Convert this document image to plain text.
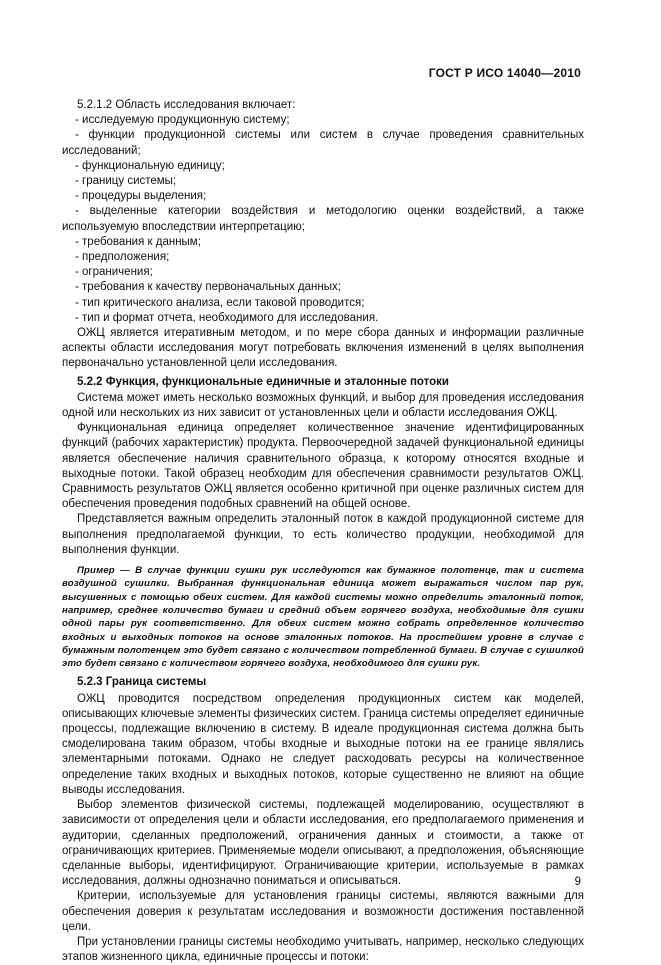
ГОСТ Р ИСО 14040—2010

5.2.1.2 Область исследования включает:

- исследуемую продукционную систему;

- функции продукционной системы или систем в случае проведения сравнительных исследований;

- функциональную единицу;

- границу системы;

- процедуры выделения;

- выделенные категории воздействия и методологию оценки воздействий, а также используемую впоследствии интерпретацию;

- требования к данным;

- предположения;

- ограничения;

- требования к качеству первоначальных данных;

- тип критического анализа, если таковой проводится;

- тип и формат отчета, необходимого для исследования.

ОЖЦ является итеративным методом, и по мере сбора данных и информации различные аспекты области исследования могут потребовать включения изменений в целях выполнения первоначально установленной цели исследования.

5.2.2 Функция, функциональные единичные и эталонные потоки

Система может иметь несколько возможных функций, и выбор для проведения исследования одной или нескольких из них зависит от установленных цели и области исследования ОЖЦ.

Функциональная единица определяет количественное значение идентифицированных функций (рабочих характеристик) продукта. Первоочередной задачей функциональной единицы является обеспечение наличия сравнительного образца, к которому относятся входные и выходные потоки. Такой образец необходим для обеспечения сравнимости результатов ОЖЦ. Сравнимость результатов ОЖЦ является особенно критичной при оценке различных систем для обеспечения проведения подобных сравнений на общей основе.

Представляется важным определить эталонный поток в каждой продукционной системе для выполнения предполагаемой функции, то есть количество продукции, необходимой для выполнения функции.

Пример — В случае функции сушки рук исследуются как бумажное полотенце, так и система воздушной сушилки. Выбранная функциональная единица может выражаться числом пар рук, высушенных с помощью обеих систем. Для каждой системы можно определить эталонный поток, например, среднее количество бумаги и средний объем горячего воздуха, необходимые для сушки одной пары рук соответственно. Для обеих систем можно собрать определенное количество входных и выходных потоков на основе эталонных потоков. На простейшем уровне в случае с бумажным полотенцем это будет связано с количеством потребленной бумаги. В случае с сушилкой это будет связано с количеством горячего воздуха, необходимого для сушки рук.

5.2.3 Граница системы

ОЖЦ проводится посредством определения продукционных систем как моделей, описывающих ключевые элементы физических систем. Граница системы определяет единичные процессы, подлежащие включению в систему. В идеале продукционная система должна быть смоделирована таким образом, чтобы входные и выходные потоки на ее границе являлись элементарными потоками. Однако не следует расходовать ресурсы на количественное определение таких входных и выходных потоков, которые существенно не влияют на общие выводы исследования.

Выбор элементов физической системы, подлежащей моделированию, осуществляют в зависимости от определения цели и области исследования, его предполагаемого применения и аудитории, сделанных предположений, ограничения данных и стоимости, а также от ограничивающих критериев. Применяемые модели описывают, а предположения, объясняющие сделанные выборы, идентифицируют. Ограничивающие критерии, используемые в рамках исследования, должны однозначно пониматься и описываться.

Критерии, используемые для установления границы системы, являются важными для обеспечения доверия к результатам исследования и возможности достижения поставленной цели.

При установлении границы системы необходимо учитывать, например, несколько следующих этапов жизненного цикла, единичные процессы и потоки:

9
